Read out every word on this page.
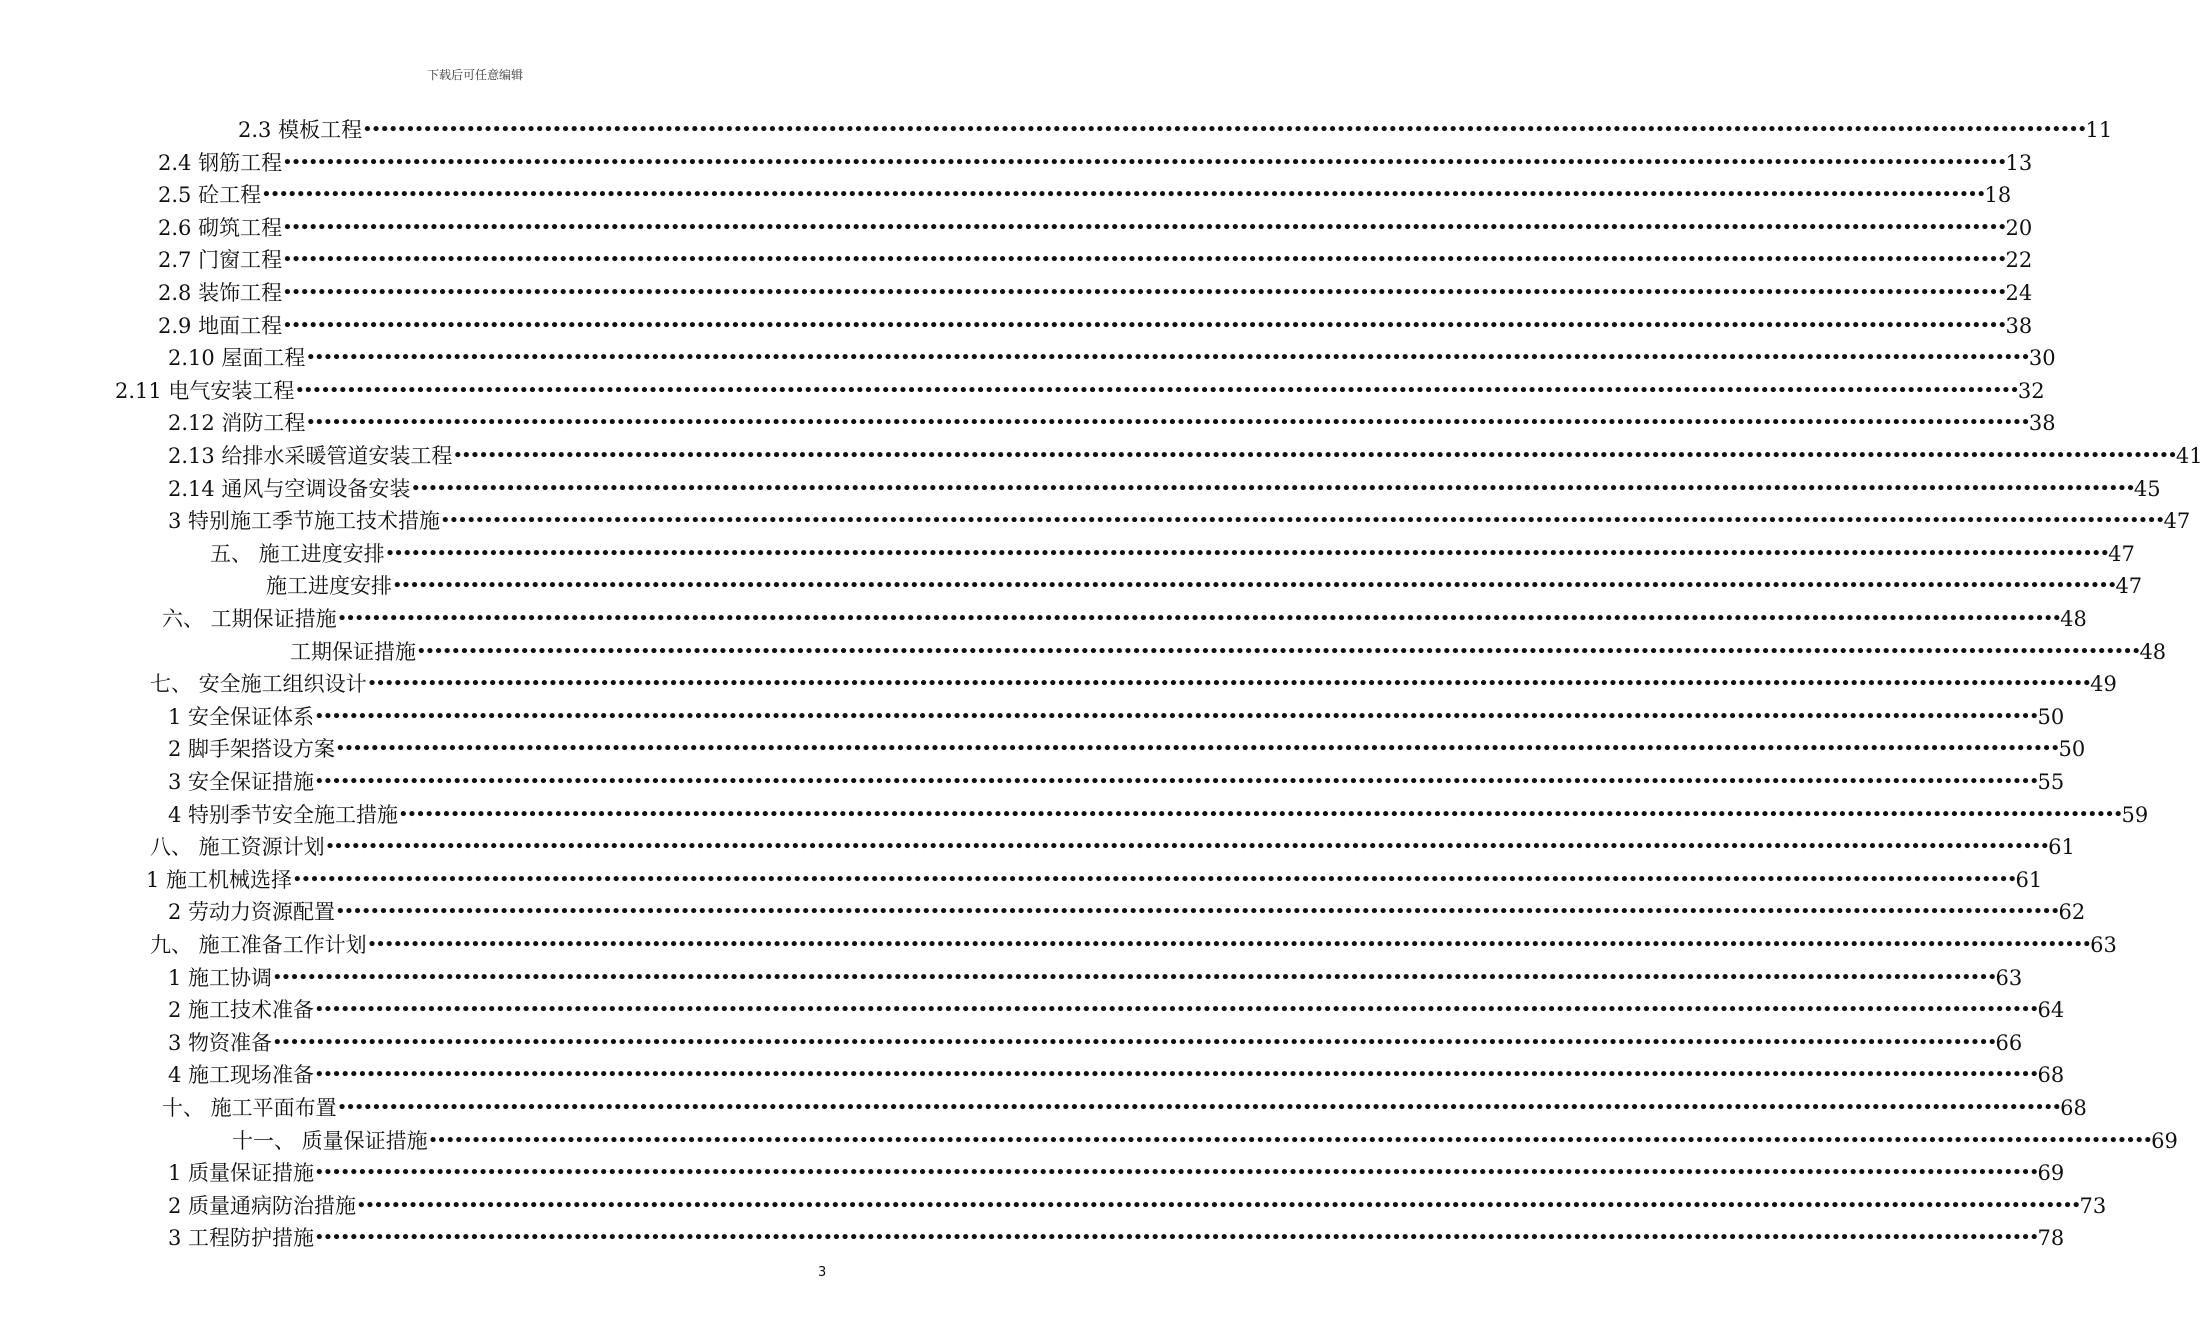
下载后可任意编辑
2.3 模板工程 •••••••••••••••••••••••••••••••••••••••••••••••••••••••••••••••••••••••••••••••••••••••••••••••••••••••••••••••••••••••••••••••••••••••••••••••••••••••••••••••••••••••••••••••••••••••••••••••••••••••• 11
2.4 钢筋工程 •••••••••••••••••••••••••••••••••••••••••••••••••••••••••••••••••••••••••••••••••••••••••••••••••••••••••••••••••••••••••••••••••••••••••••••••••••••••••••••••••••••••••••••••••••••••••••••••••••••••• 13
2.5 砼工程 •••••••••••••••••••••••••••••••••••••••••••••••••••••••••••••••••••••••••••••••••••••••••••••••••••••••••••••••••••••••••••••••••••••••••••••••••••••••••••••••••••••••••••••••••••••••••••••••••••••••• 18
2.6 砌筑工程 •••••••••••••••••••••••••••••••••••••••••••••••••••••••••••••••••••••••••••••••••••••••••••••••••••••••••••••••••••••••••••••••••••••••••••••••••••••••••••••••••••••••••••••••••••••••••••••••••••••••• 20
2.7 门窗工程 •••••••••••••••••••••••••••••••••••••••••••••••••••••••••••••••••••••••••••••••••••••••••••••••••••••••••••••••••••••••••••••••••••••••••••••••••••••••••••••••••••••••••••••••••••••••••••••••••••••••• 22
2.8 装饰工程 •••••••••••••••••••••••••••••••••••••••••••••••••••••••••••••••••••••••••••••••••••••••••••••••••••••••••••••••••••••••••••••••••••••••••••••••••••••••••••••••••••••••••••••••••••••••••••••••••••••••• 24
2.9 地面工程 •••••••••••••••••••••••••••••••••••••••••••••••••••••••••••••••••••••••••••••••••••••••••••••••••••••••••••••••••••••••••••••••••••••••••••••••••••••••••••••••••••••••••••••••••••••••••••••••••••••••• 38
2.10 屋面工程 •••••••••••••••••••••••••••••••••••••••••••••••••••••••••••••••••••••••••••••••••••••••••••••••••••••••••••••••••••••••••••••••••••••••••••••••••••••••••••••••••••••••••••••••••••••••••••••••••••••••• 30
2.11 电气安装工程 •••••••••••••••••••••••••••••••••••••••••••••••••••••••••••••••••••••••••••••••••••••••••••••••••••••••••••••••••••••••••••••••••••••••••••••••••••••••••••••••••••••••••••••••••••••••••••••••••••••••• 32
2.12 消防工程 •••••••••••••••••••••••••••••••••••••••••••••••••••••••••••••••••••••••••••••••••••••••••••••••••••••••••••••••••••••••••••••••••••••••••••••••••••••••••••••••••••••••••••••••••••••••••••••••••••••••• 38
2.13 给排水采暖管道安装工程 •••••••••••••••••••••••••••••••••••••••••••••••••••••••••••••••••••••••••••••••••••••••••••••••••••••••••••••••••••••••••••••••••••••••••••••••••••••••••••••••••••••••••••••••••••••••••••••••••••••••• 41
2.14 通风与空调设备安装 •••••••••••••••••••••••••••••••••••••••••••••••••••••••••••••••••••••••••••••••••••••••••••••••••••••••••••••••••••••••••••••••••••••••••••••••••••••••••••••••••••••••••••••••••••••••••••••••••••••••• 45
3 特别施工季节施工技术措施 •••••••••••••••••••••••••••••••••••••••••••••••••••••••••••••••••••••••••••••••••••••••••••••••••••••••••••••••••••••••••••••••••••••••••••••••••••••••••••••••••••••••••••••••••••••••••••••••••••••••• 47
五、 施工进度安排 •••••••••••••••••••••••••••••••••••••••••••••••••••••••••••••••••••••••••••••••••••••••••••••••••••••••••••••••••••••••••••••••••••••••••••••••••••••••••••••••••••••••••••••••••••••••••••••••••••••••• 47
施工进度安排 •••••••••••••••••••••••••••••••••••••••••••••••••••••••••••••••••••••••••••••••••••••••••••••••••••••••••••••••••••••••••••••••••••••••••••••••••••••••••••••••••••••••••••••••••••••••••••••••••••••••• 47
六、 工期保证措施 •••••••••••••••••••••••••••••••••••••••••••••••••••••••••••••••••••••••••••••••••••••••••••••••••••••••••••••••••••••••••••••••••••••••••••••••••••••••••••••••••••••••••••••••••••••••••••••••••••••••• 48
工期保证措施 •••••••••••••••••••••••••••••••••••••••••••••••••••••••••••••••••••••••••••••••••••••••••••••••••••••••••••••••••••••••••••••••••••••••••••••••••••••••••••••••••••••••••••••••••••••••••••••••••••••••• 48
七、 安全施工组织设计 •••••••••••••••••••••••••••••••••••••••••••••••••••••••••••••••••••••••••••••••••••••••••••••••••••••••••••••••••••••••••••••••••••••••••••••••••••••••••••••••••••••••••••••••••••••••••••••••••••••••• 49
1 安全保证体系 •••••••••••••••••••••••••••••••••••••••••••••••••••••••••••••••••••••••••••••••••••••••••••••••••••••••••••••••••••••••••••••••••••••••••••••••••••••••••••••••••••••••••••••••••••••••••••••••••••••••• 50
2 脚手架搭设方案 •••••••••••••••••••••••••••••••••••••••••••••••••••••••••••••••••••••••••••••••••••••••••••••••••••••••••••••••••••••••••••••••••••••••••••••••••••••••••••••••••••••••••••••••••••••••••••••••••••••••• 50
3 安全保证措施 •••••••••••••••••••••••••••••••••••••••••••••••••••••••••••••••••••••••••••••••••••••••••••••••••••••••••••••••••••••••••••••••••••••••••••••••••••••••••••••••••••••••••••••••••••••••••••••••••••••••• 55
4 特别季节安全施工措施 •••••••••••••••••••••••••••••••••••••••••••••••••••••••••••••••••••••••••••••••••••••••••••••••••••••••••••••••••••••••••••••••••••••••••••••••••••••••••••••••••••••••••••••••••••••••••••••••••••••••• 59
八、 施工资源计划 •••••••••••••••••••••••••••••••••••••••••••••••••••••••••••••••••••••••••••••••••••••••••••••••••••••••••••••••••••••••••••••••••••••••••••••••••••••••••••••••••••••••••••••••••••••••••••••••••••••••• 61
1 施工机械选择 •••••••••••••••••••••••••••••••••••••••••••••••••••••••••••••••••••••••••••••••••••••••••••••••••••••••••••••••••••••••••••••••••••••••••••••••••••••••••••••••••••••••••••••••••••••••••••••••••••••••• 61
2 劳动力资源配置 •••••••••••••••••••••••••••••••••••••••••••••••••••••••••••••••••••••••••••••••••••••••••••••••••••••••••••••••••••••••••••••••••••••••••••••••••••••••••••••••••••••••••••••••••••••••••••••••••••••••• 62
九、 施工准备工作计划 •••••••••••••••••••••••••••••••••••••••••••••••••••••••••••••••••••••••••••••••••••••••••••••••••••••••••••••••••••••••••••••••••••••••••••••••••••••••••••••••••••••••••••••••••••••••••••••••••••••••• 63
1 施工协调 •••••••••••••••••••••••••••••••••••••••••••••••••••••••••••••••••••••••••••••••••••••••••••••••••••••••••••••••••••••••••••••••••••••••••••••••••••••••••••••••••••••••••••••••••••••••••••••••••••••••• 63
2 施工技术准备 •••••••••••••••••••••••••••••••••••••••••••••••••••••••••••••••••••••••••••••••••••••••••••••••••••••••••••••••••••••••••••••••••••••••••••••••••••••••••••••••••••••••••••••••••••••••••••••••••••••••• 64
3 物资准备 •••••••••••••••••••••••••••••••••••••••••••••••••••••••••••••••••••••••••••••••••••••••••••••••••••••••••••••••••••••••••••••••••••••••••••••••••••••••••••••••••••••••••••••••••••••••••••••••••••••••• 66
4 施工现场准备 •••••••••••••••••••••••••••••••••••••••••••••••••••••••••••••••••••••••••••••••••••••••••••••••••••••••••••••••••••••••••••••••••••••••••••••••••••••••••••••••••••••••••••••••••••••••••••••••••••••••• 68
十、 施工平面布置 •••••••••••••••••••••••••••••••••••••••••••••••••••••••••••••••••••••••••••••••••••••••••••••••••••••••••••••••••••••••••••••••••••••••••••••••••••••••••••••••••••••••••••••••••••••••••••••••••••••••• 68
十一、 质量保证措施 •••••••••••••••••••••••••••••••••••••••••••••••••••••••••••••••••••••••••••••••••••••••••••••••••••••••••••••••••••••••••••••••••••••••••••••••••••••••••••••••••••••••••••••••••••••••••••••••••••••••• 69
1 质量保证措施 •••••••••••••••••••••••••••••••••••••••••••••••••••••••••••••••••••••••••••••••••••••••••••••••••••••••••••••••••••••••••••••••••••••••••••••••••••••••••••••••••••••••••••••••••••••••••••••••••••••••• 69
2 质量通病防治措施 •••••••••••••••••••••••••••••••••••••••••••••••••••••••••••••••••••••••••••••••••••••••••••••••••••••••••••••••••••••••••••••••••••••••••••••••••••••••••••••••••••••••••••••••••••••••••••••••••••••••• 73
3 工程防护措施 •••••••••••••••••••••••••••••••••••••••••••••••••••••••••••••••••••••••••••••••••••••••••••••••••••••••••••••••••••••••••••••••••••••••••••••••••••••••••••••••••••••••••••••••••••••••••••••••••••••••• 78
3
